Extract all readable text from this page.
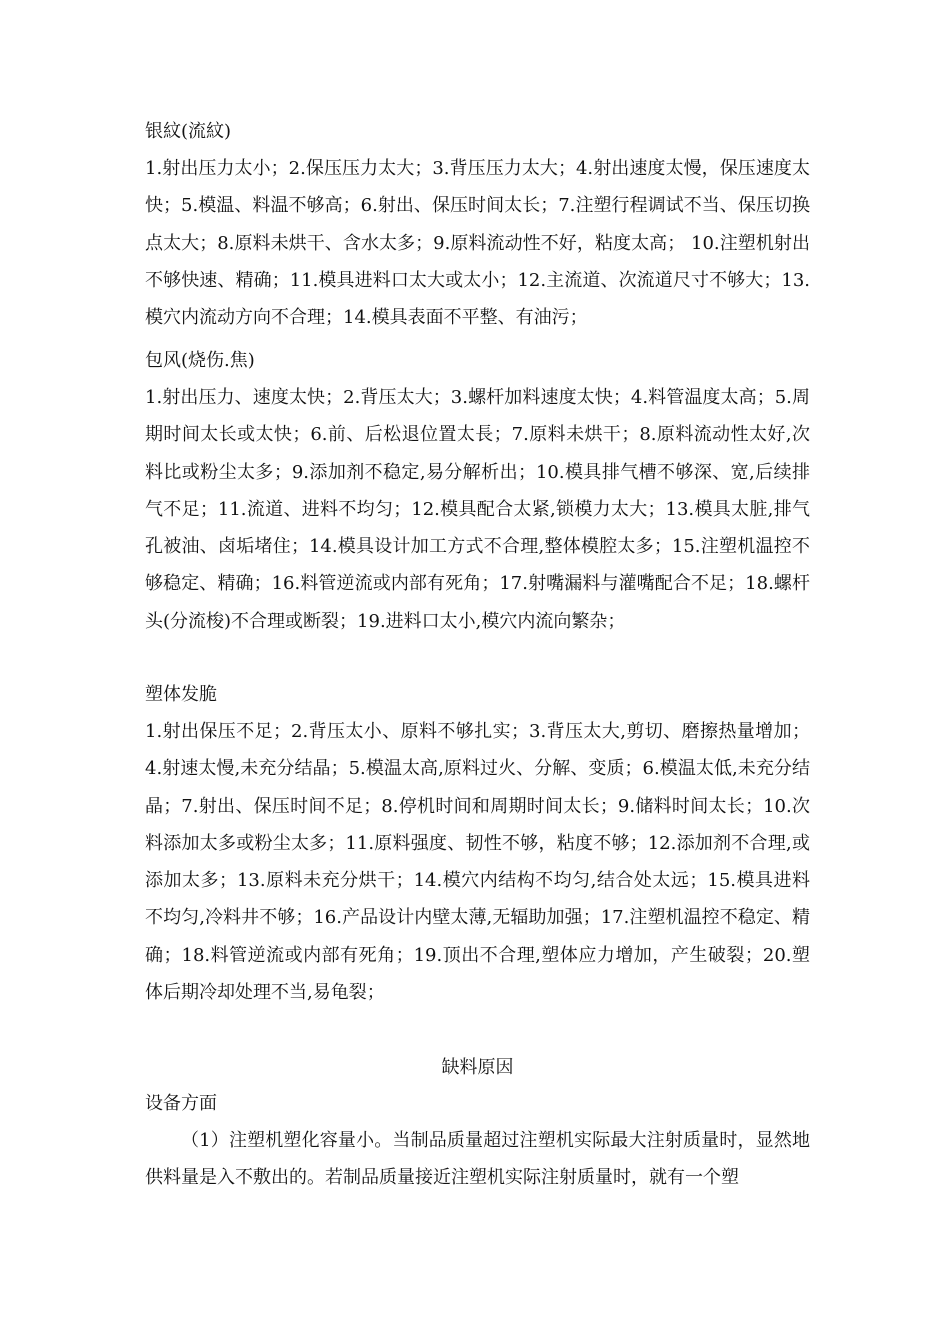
银紋(流紋)

1.射出压力太小；2.保压压力太大；3.背压压力太大；4.射出速度太慢，保压速度太快；5.模温、料温不够高；6.射出、保压时间太长；7.注塑行程调试不当、保压切换点太大；8.原料未烘干、含水太多；9.原料流动性不好，粘度太高； 10.注塑机射出不够快速、精确；11.模具进料口太大或太小；12.主流道、次流道尺寸不够大；13.模穴内流动方向不合理；14.模具表面不平整、有油污；

包风(烧伤.焦)

1.射出压力、速度太快；2.背压太大；3.螺杆加料速度太快；4.料管温度太高；5.周期时间太长或太快；6.前、后松退位置太長；7.原料未烘干；8.原料流动性太好,次料比或粉尘太多；9.添加剂不稳定,易分解析出；10.模具排气槽不够深、宽,后续排气不足；11.流道、进料不均匀；12.模具配合太紧,锁模力太大；13.模具太脏,排气孔被油、卤垢堵住；14.模具设计加工方式不合理,整体模腔太多；15.注塑机温控不够稳定、精确；16.料管逆流或内部有死角；17.射嘴漏料与灌嘴配合不足；18.螺杆头(分流梭)不合理或断裂；19.进料口太小,模穴内流向繁杂；

塑体发脆

1.射出保压不足；2.背压太小、原料不够扎实；3.背压太大,剪切、磨擦热量增加；4.射速太慢,未充分结晶；5.模温太高,原料过火、分解、变质；6.模温太低,未充分结晶；7.射出、保压时间不足；8.停机时间和周期时间太长；9.储料时间太长；10.次料添加太多或粉尘太多；11.原料强度、韧性不够，粘度不够；12.添加剂不合理,或添加太多；13.原料未充分烘干；14.模穴内结构不均匀,结合处太远；15.模具进料不均匀,冷料井不够；16.产品设计内壁太薄,无辐助加强；17.注塑机温控不稳定、精确；18.料管逆流或内部有死角；19.顶出不合理,塑体应力增加，产生破裂；20.塑体后期冷却处理不当,易龟裂；

缺料原因

设备方面

（1）注塑机塑化容量小。当制品质量超过注塑机实际最大注射质量时，显然地供料量是入不敷出的。若制品质量接近注塑机实际注射质量时，就有一个塑
